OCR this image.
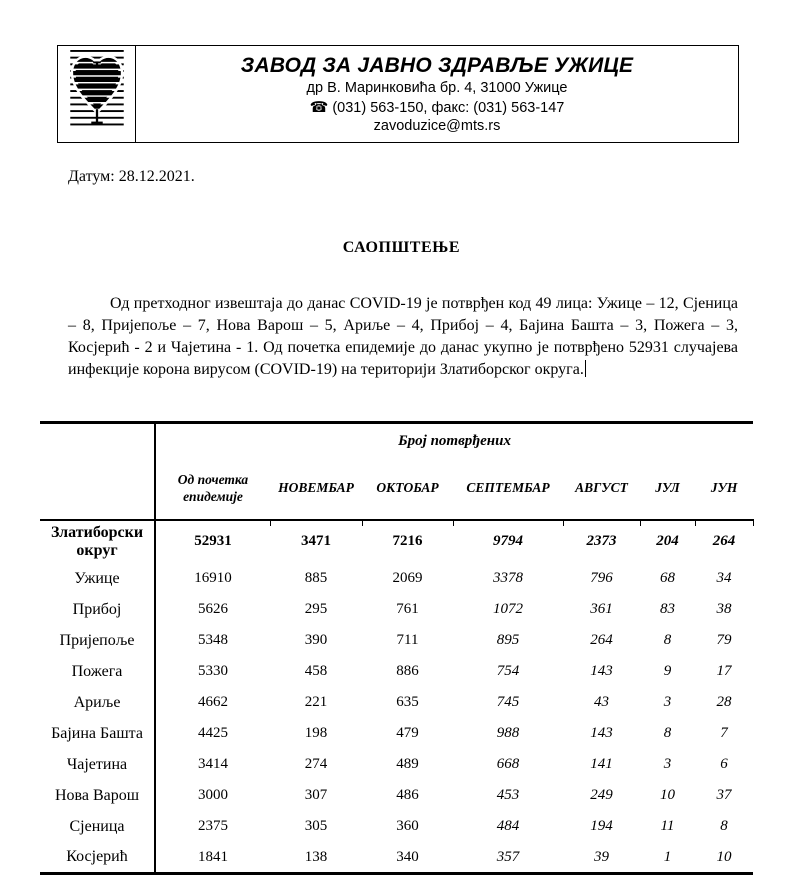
ЗАВОД ЗА ЈАВНО ЗДРАВЉЕ УЖИЦЕ
др В. Маринковића бр. 4, 31000 Ужице
☎ (031) 563-150, факс: (031) 563-147
zavoduzice@mts.rs
Датум: 28.12.2021.
САОПШТЕЊЕ

Од претходног извештаја до данас COVID-19 је потврђен код 49 лица: Ужице – 12, Сјеница – 8, Пријепоље – 7, Нова Варош – 5, Ариље – 4, Прибој – 4, Бајина Башта – 3, Пожега – 3, Косјерић - 2 и Чајетина - 1. Од почетка епидемије до данас укупно је потврђено 52931 случајева инфекције корона вирусом (COVID-19) на територији Златиборског округа.

	Број потврђених						
	Од почетка епидемије	НОВЕМБАР	ОКТОБАР	СЕПТЕМБАР	АВГУСТ	ЈУЛ	ЈУН
Златиборски округ	52931	3471	7216	9794	2373	204	264
Ужице	16910	885	2069	3378	796	68	34
Прибој	5626	295	761	1072	361	83	38
Пријепоље	5348	390	711	895	264	8	79
Пожега	5330	458	886	754	143	9	17
Ариље	4662	221	635	745	43	3	28
Бајина Башта	4425	198	479	988	143	8	7
Чајетина	3414	274	489	668	141	3	6
Нова Варош	3000	307	486	453	249	10	37
Сјеница	2375	305	360	484	194	11	8
Косјерић	1841	138	340	357	39	1	10
